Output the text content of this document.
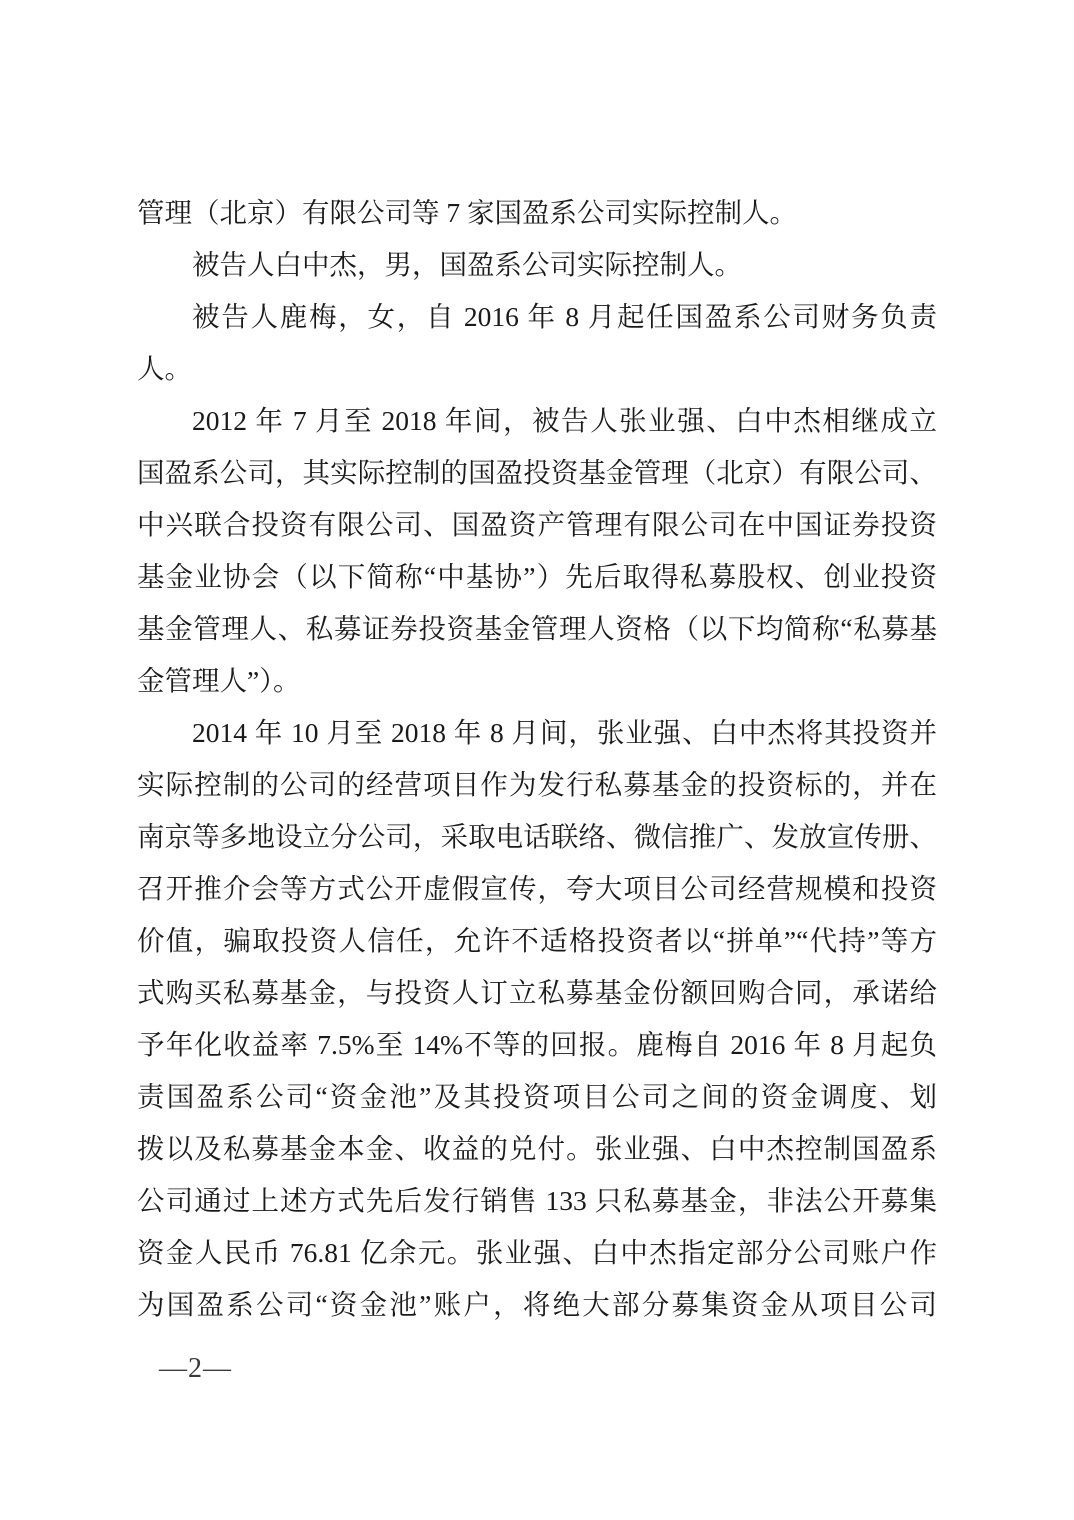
管理（北京）有限公司等 7 家国盈系公司实际控制人。
被告人白中杰，男，国盈系公司实际控制人。
被告人鹿梅，女，自 2016 年 8 月起任国盈系公司财务负责
人。
2012 年 7 月至 2018 年间，被告人张业强、白中杰相继成立
国盈系公司，其实际控制的国盈投资基金管理（北京）有限公司、
中兴联合投资有限公司、国盈资产管理有限公司在中国证券投资
基金业协会（以下简称“中基协”）先后取得私募股权、创业投资
基金管理人、私募证券投资基金管理人资格（以下均简称“私募基
金管理人”）。
2014 年 10 月至 2018 年 8 月间，张业强、白中杰将其投资并
实际控制的公司的经营项目作为发行私募基金的投资标的，并在
南京等多地设立分公司，采取电话联络、微信推广、发放宣传册、
召开推介会等方式公开虚假宣传，夸大项目公司经营规模和投资
价值，骗取投资人信任，允许不适格投资者以“拼单”“代持”等方
式购买私募基金，与投资人订立私募基金份额回购合同，承诺给
予年化收益率 7.5%至 14%不等的回报。鹿梅自 2016 年 8 月起负
责国盈系公司“资金池”及其投资项目公司之间的资金调度、划
拨以及私募基金本金、收益的兑付。张业强、白中杰控制国盈系
公司通过上述方式先后发行销售 133 只私募基金，非法公开募集
资金人民币 76.81 亿余元。张业强、白中杰指定部分公司账户作
为国盈系公司“资金池”账户，将绝大部分募集资金从项目公司
—2—
